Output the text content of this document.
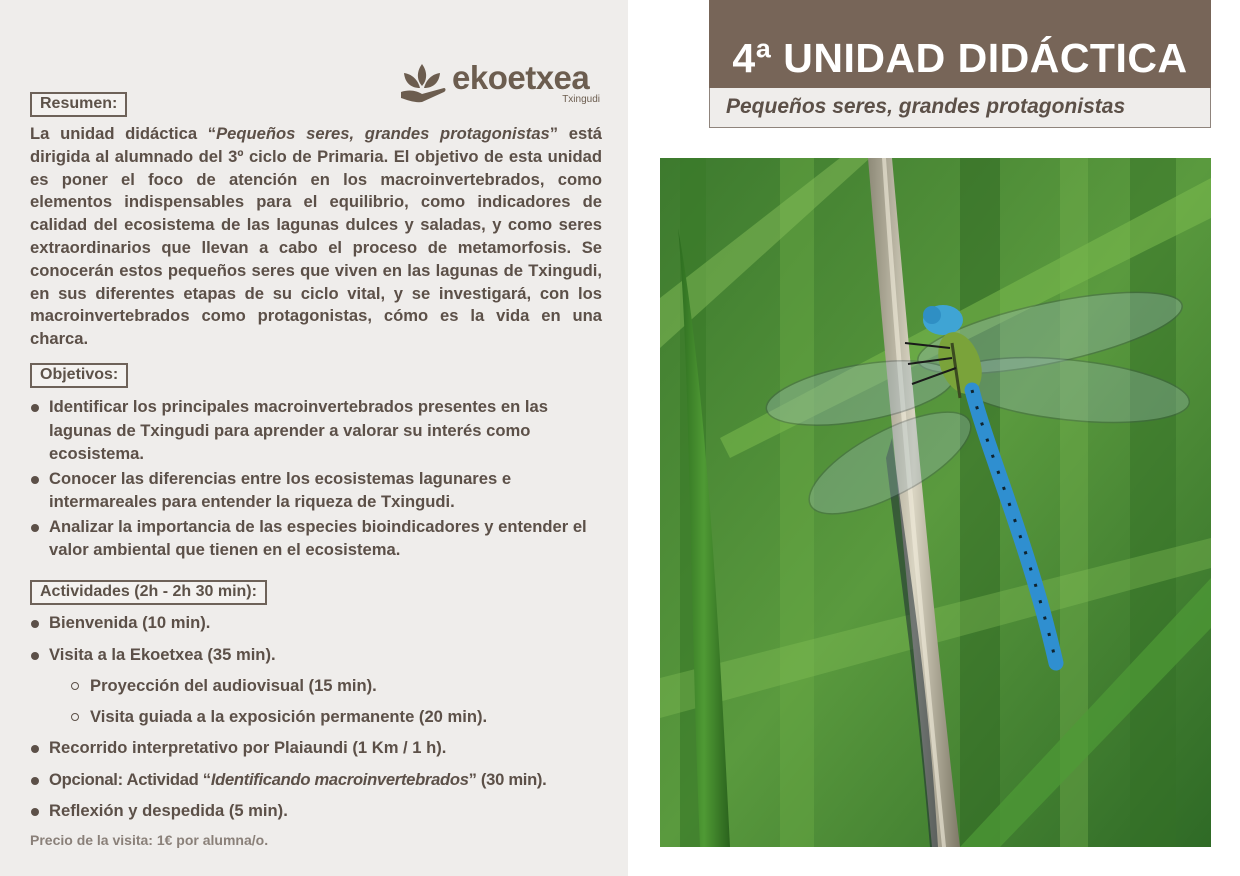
ekoetxea
Txingudi
Resumen:
La unidad didáctica “Pequeños seres, grandes protagonistas” está dirigida al alumnado del 3º ciclo de Primaria. El objetivo de esta unidad es poner el foco de atención en los macroinvertebrados, como elementos indispensables para el equilibrio, como indicadores de calidad del ecosistema de las lagunas dulces y saladas, y como seres extraordinarios que llevan a cabo el proceso de metamorfosis. Se conocerán estos pequeños seres que viven en las lagunas de Txingudi, en sus diferentes etapas de su ciclo vital, y se investigará, con los macroinvertebrados como protagonistas, cómo es la vida en una charca.
Objetivos:
Identificar los principales macroinvertebrados presentes en las lagunas de Txingudi para aprender a valorar su interés como ecosistema.
Conocer las diferencias entre los ecosistemas lagunares e intermareales para entender la riqueza de Txingudi.
Analizar la importancia de las especies bioindicadores y entender el valor ambiental que tienen en el ecosistema.
Actividades (2h - 2h 30 min):
Bienvenida (10 min).
Visita a la Ekoetxea (35 min).
Proyección del audiovisual (15 min).
Visita guiada a la exposición permanente (20 min).
Recorrido interpretativo por Plaiaundi (1 Km / 1 h).
Opcional: Actividad “Identificando macroinvertebrados” (30 min).
Reflexión y despedida (5 min).
Precio de la visita: 1€ por alumna/o.
4ª UNIDAD DIDÁCTICA
Pequeños seres, grandes protagonistas
